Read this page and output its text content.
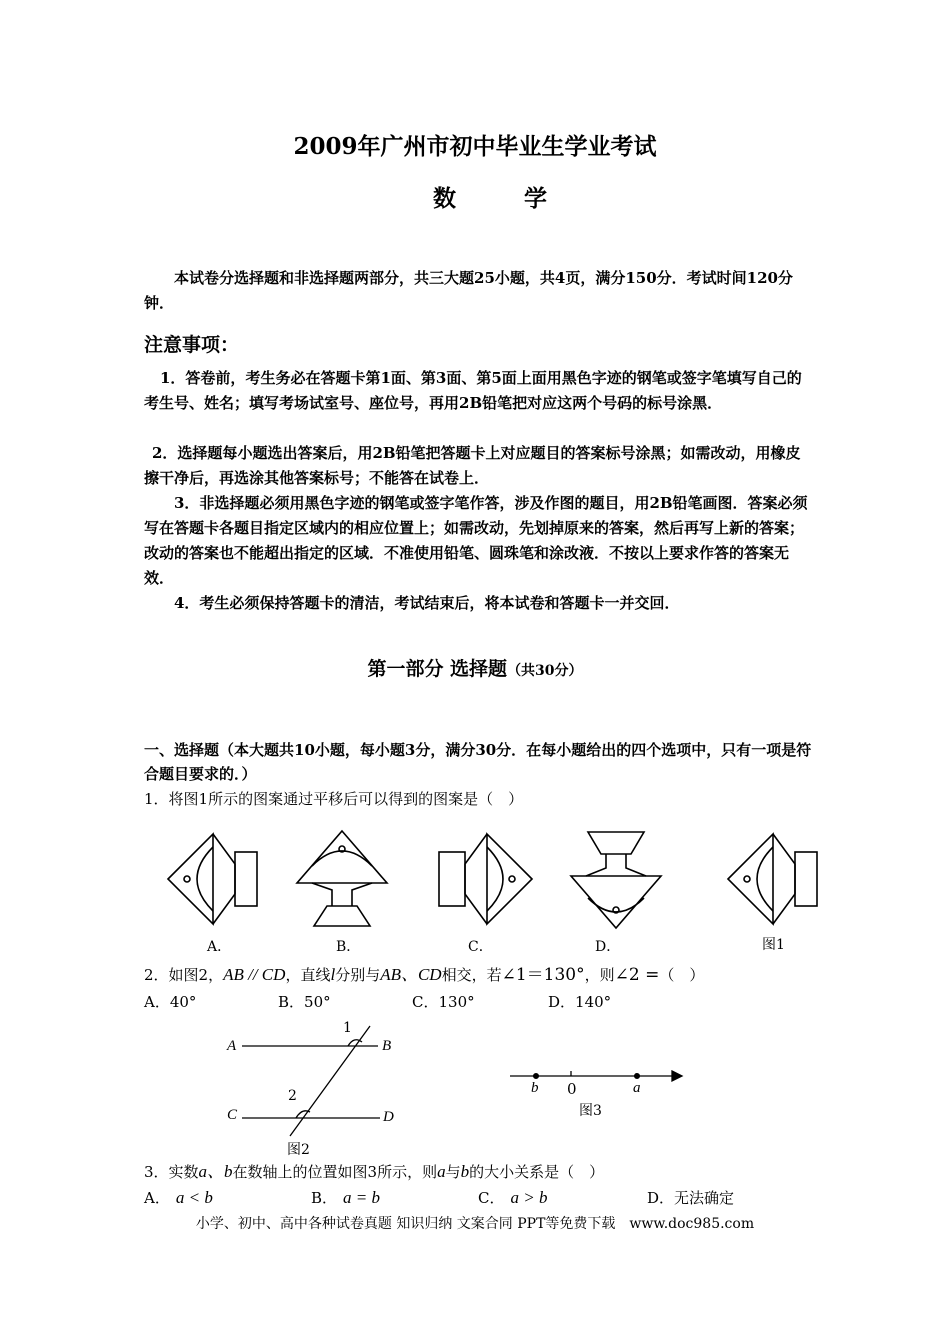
2009年广州市初中毕业生学业考试
数 学
本试卷分选择题和非选择题两部分，共三大题25小题，共4页，满分150分．考试时间120分钟．
注意事项：
1．答卷前，考生务必在答题卡第1面、第3面、第5面上面用黑色字迹的钢笔或签字笔填写自己的考生号、姓名；填写考场试室号、座位号，再用2B铅笔把对应这两个号码的标号涂黑．
2．选择题每小题选出答案后，用2B铅笔把答题卡上对应题目的答案标号涂黑；如需改动，用橡皮擦干净后，再选涂其他答案标号；不能答在试卷上．
3．非选择题必须用黑色字迹的钢笔或签字笔作答，涉及作图的题目，用2B铅笔画图．答案必须写在答题卡各题目指定区域内的相应位置上；如需改动，先划掉原来的答案，然后再写上新的答案；改动的答案也不能超出指定的区域．不准使用铅笔、圆珠笔和涂改液．不按以上要求作答的答案无效．
4．考生必须保持答题卡的清洁，考试结束后，将本试卷和答题卡一并交回．
第一部分 选择题（共30分）
一、选择题（本大题共10小题，每小题3分，满分30分．在每小题给出的四个选项中，只有一项是符合题目要求的．）
1．将图1所示的图案通过平移后可以得到的图案是（　）
A．	B．	C．	D．	图1
2．如图2，AB // CD，直线l分别与AB、CD相交，若∠1＝130°，则∠2 =（　）
A．40°	B．50°	C．130°	D．140°
A	B
C	D
1
2
图2
b 0	a
图3
3．实数a、b在数轴上的位置如图3所示，则a与b的大小关系是（　）
A． a < b	B． a = b	C． a > b	D．无法确定
小学、初中、高中各种试卷真题 知识归纳 文案合同 PPT等免费下载　www.doc985.com
